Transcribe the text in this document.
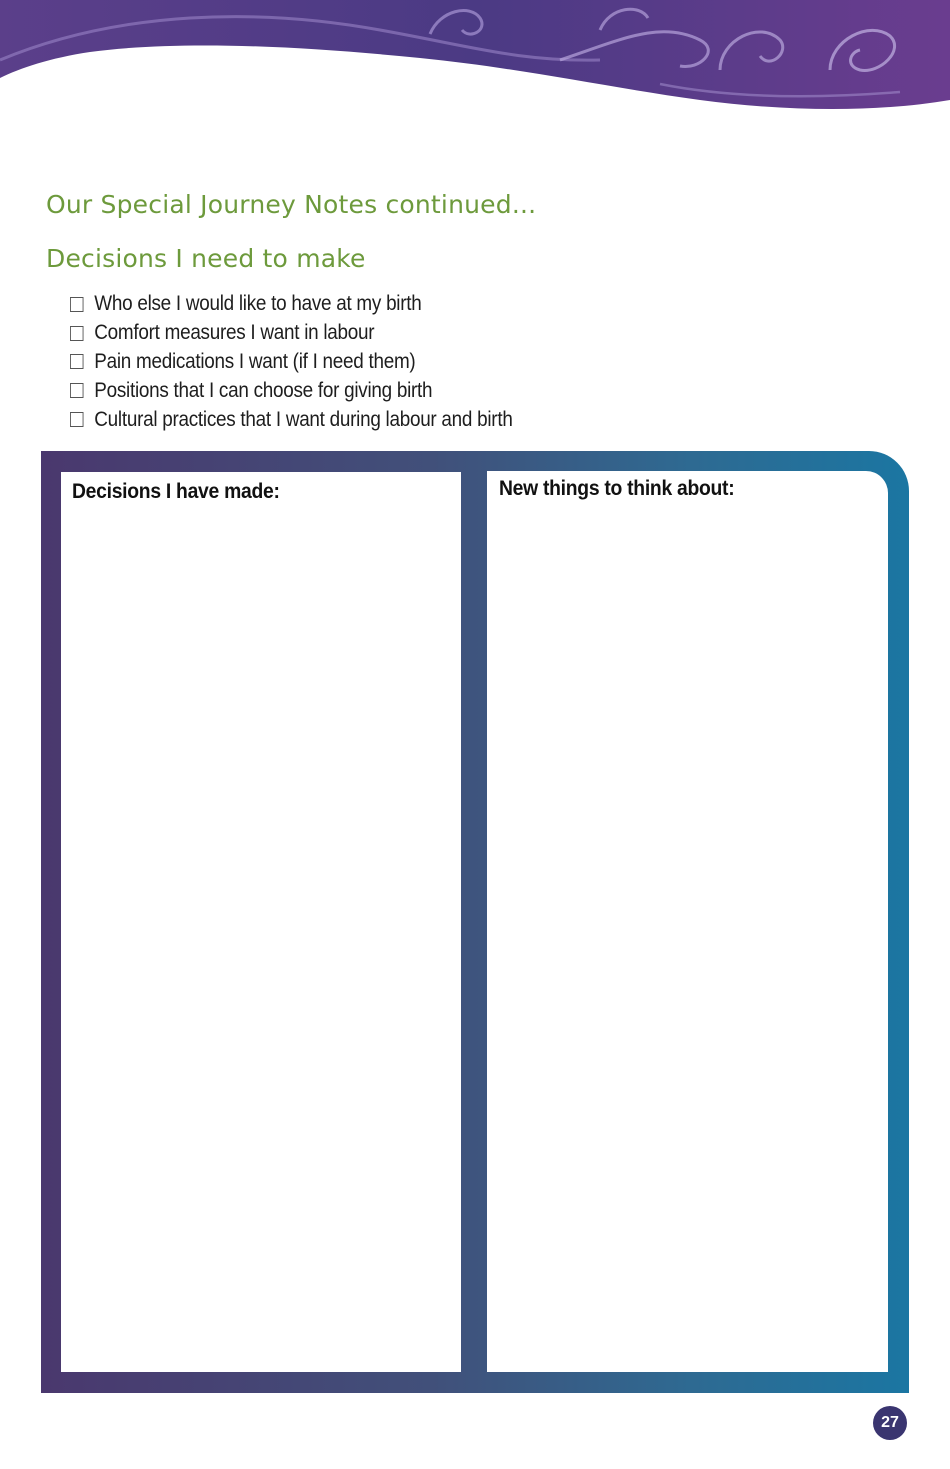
Our Special Journey Notes continued...
Decisions I need to make
Who else I would like to have at my birth
Comfort measures I want in labour
Pain medications I want (if I need them)
Positions that I can choose for giving birth
Cultural practices that I want during labour and birth
Decisions I have made:	New things to think about:
27
